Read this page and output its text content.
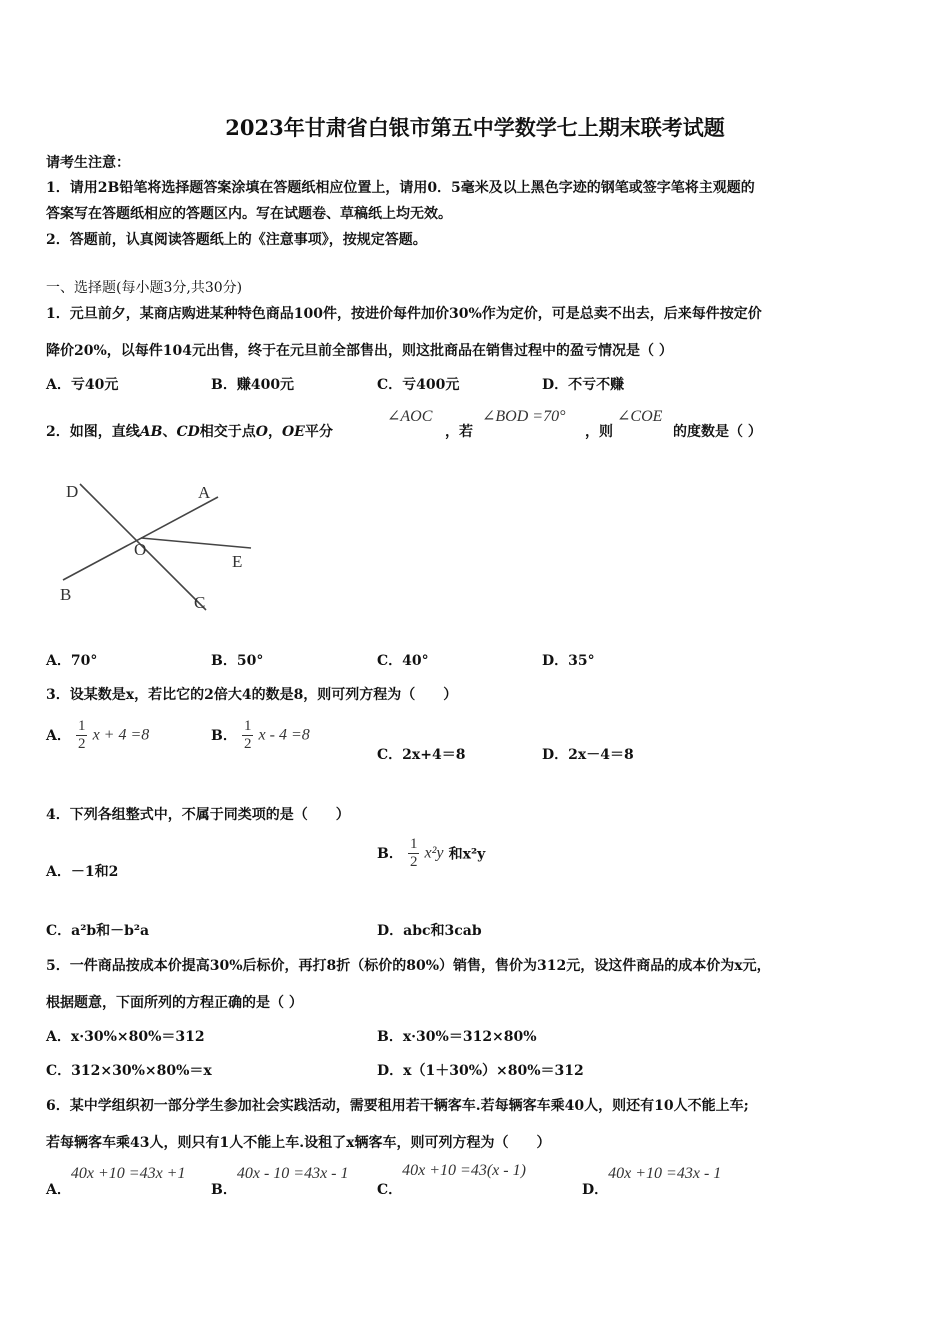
2023年甘肃省白银市第五中学数学七上期末联考试题
请考生注意：
1．请用2B铅笔将选择题答案涂填在答题纸相应位置上，请用0．5毫米及以上黑色字迹的钢笔或签字笔将主观题的
答案写在答题纸相应的答题区内。写在试题卷、草稿纸上均无效。
2．答题前，认真阅读答题纸上的《注意事项》，按规定答题。
一、选择题(每小题3分,共30分)
1．元旦前夕，某商店购进某种特色商品100件，按进价每件加价30%作为定价，可是总卖不出去，后来每件按定价
降价20%，以每件104元出售，终于在元旦前全部售出，则这批商品在销售过程中的盈亏情况是（ ）
A．亏40元	B．赚400元	C．亏400元	D．不亏不赚
2．如图，直线AB、CD相交于点O，OE平分
∠AOC
，若
∠BOD =70°
，则
∠COE
的度数是（ ）
D	A
O
E
B	C
A．70°	B．50°	C．40°	D．35°
3．设某数是x，若比它的2倍大4的数是8，则可列方程为（　　）
A． $\frac{1}{2}$ x + 4 =8	B． $\frac{1}{2}$ x - 4 =8
C．2x+4＝8	D．2x－4＝8
4．下列各组整式中，不属于同类项的是（　　）
A．－1和2
B． $\frac{1}{2} x^2y$ 和x²y
C．a²b和－b²a	D．abc和3cab
5．一件商品按成本价提高30%后标价，再打8折（标价的80%）销售，售价为312元，设这件商品的成本价为x元，
根据题意，下面所列的方程正确的是（ ）
A．x·30%×80%＝312	B．x·30%＝312×80%
C．312×30%×80%＝x	D．x（1＋30%）×80%＝312
6．某中学组织初一部分学生参加社会实践活动，需要租用若干辆客车.若每辆客车乘40人，则还有10人不能上车;
若每辆客车乘43人，则只有1人不能上车.设租了x辆客车，则可列方程为（　　）
A．40x +10 =43x +1
B．40x - 10 =43x - 1
C．40x +10 =43(x - 1)
D．40x +10 =43x - 1
